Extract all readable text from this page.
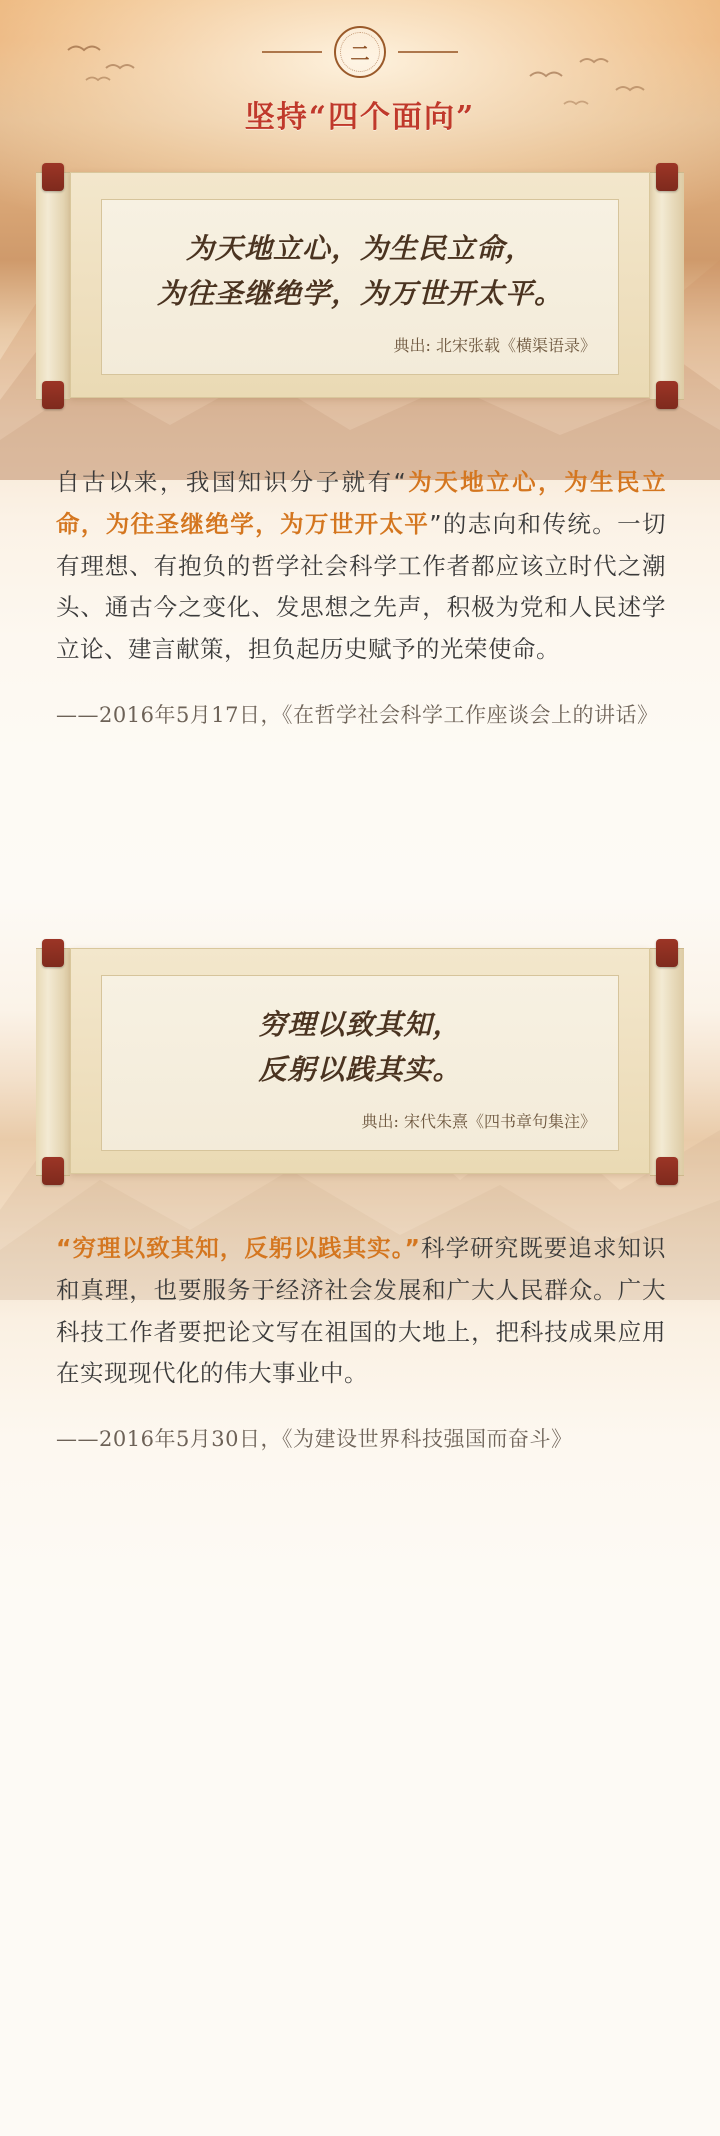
二
坚持“四个面向”
为天地立心，为生民立命，
为往圣继绝学，为万世开太平。
典出: 北宋张载《横渠语录》
自古以来，我国知识分子就有“为天地立心，为生民立命，为往圣继绝学，为万世开太平”的志向和传统。一切有理想、有抱负的哲学社会科学工作者都应该立时代之潮头、通古今之变化、发思想之先声，积极为党和人民述学立论、建言献策，担负起历史赋予的光荣使命。
——2016年5月17日，《在哲学社会科学工作座谈会上的讲话》
穷理以致其知，
反躬以践其实。
典出: 宋代朱熹《四书章句集注》
“穷理以致其知，反躬以践其实。”科学研究既要追求知识和真理，也要服务于经济社会发展和广大人民群众。广大科技工作者要把论文写在祖国的大地上，把科技成果应用在实现现代化的伟大事业中。
——2016年5月30日，《为建设世界科技强国而奋斗》
